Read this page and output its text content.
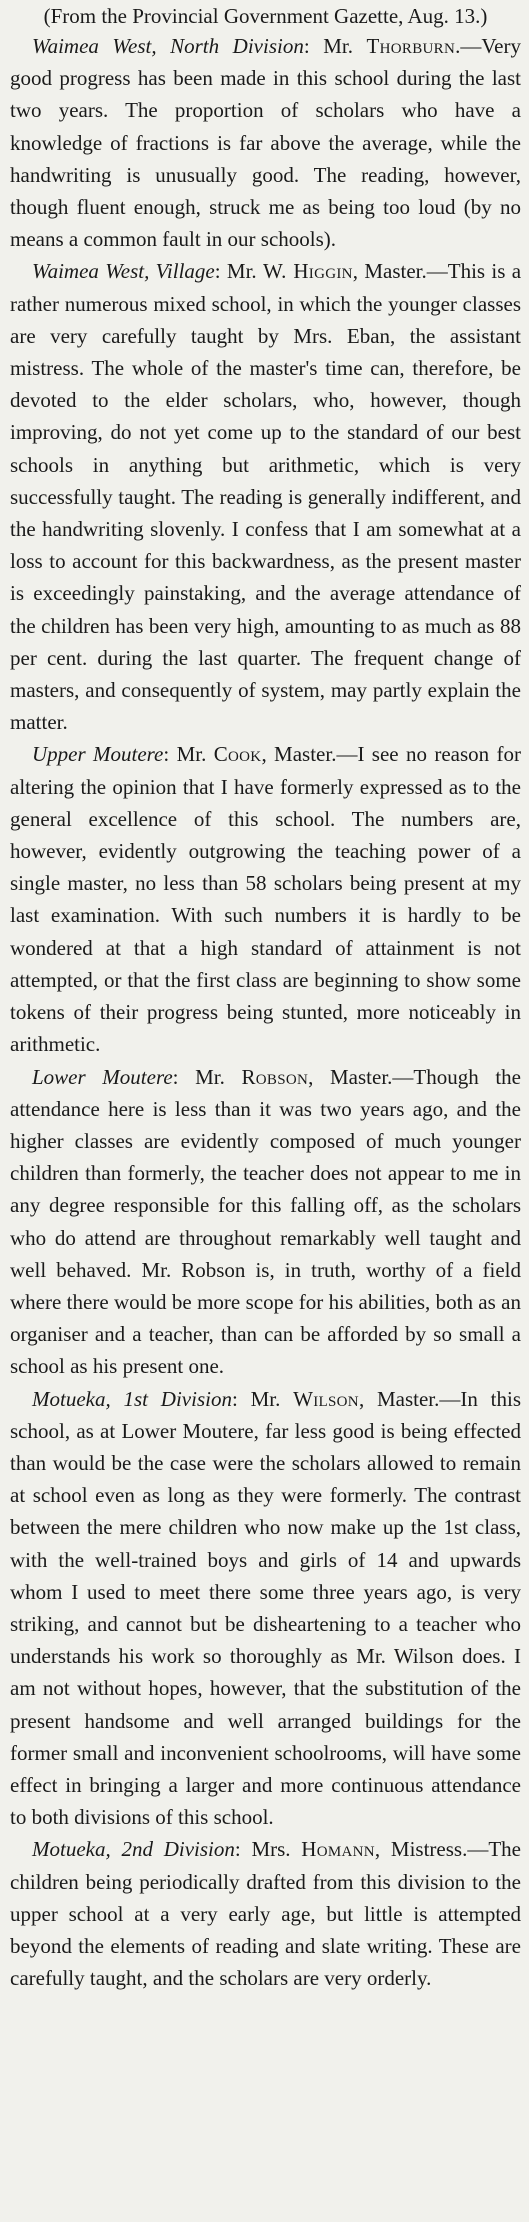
(From the Provincial Government Gazette, Aug. 13.)

Waimea West, North Division: Mr. Thorburn.—Very good progress has been made in this school during the last two years. The proportion of scholars who have a knowledge of fractions is far above the average, while the handwriting is unusually good. The reading, however, though fluent enough, struck me as being too loud (by no means a common fault in our schools).

Waimea West, Village: Mr. W. Higgin, Master.—This is a rather numerous mixed school, in which the younger classes are very carefully taught by Mrs. Eban, the assistant mistress. The whole of the master's time can, therefore, be devoted to the elder scholars, who, however, though improving, do not yet come up to the standard of our best schools in anything but arithmetic, which is very successfully taught. The reading is generally indifferent, and the handwriting slovenly. I confess that I am somewhat at a loss to account for this backwardness, as the present master is exceedingly painstaking, and the average attendance of the children has been very high, amounting to as much as 88 per cent. during the last quarter. The frequent change of masters, and consequently of system, may partly explain the matter.

Upper Moutere: Mr. Cook, Master.—I see no reason for altering the opinion that I have formerly expressed as to the general excellence of this school. The numbers are, however, evidently outgrowing the teaching power of a single master, no less than 58 scholars being present at my last examination. With such numbers it is hardly to be wondered at that a high standard of attainment is not attempted, or that the first class are beginning to show some tokens of their progress being stunted, more noticeably in arithmetic.

Lower Moutere: Mr. Robson, Master.—Though the attendance here is less than it was two years ago, and the higher classes are evidently composed of much younger children than formerly, the teacher does not appear to me in any degree responsible for this falling off, as the scholars who do attend are throughout remarkably well taught and well behaved. Mr. Robson is, in truth, worthy of a field where there would be more scope for his abilities, both as an organiser and a teacher, than can be afforded by so small a school as his present one.

Motueka, 1st Division: Mr. Wilson, Master.—In this school, as at Lower Moutere, far less good is being effected than would be the case were the scholars allowed to remain at school even as long as they were formerly. The contrast between the mere children who now make up the 1st class, with the well-trained boys and girls of 14 and upwards whom I used to meet there some three years ago, is very striking, and cannot but be disheartening to a teacher who understands his work so thoroughly as Mr. Wilson does. I am not without hopes, however, that the substitution of the present handsome and well arranged buildings for the former small and inconvenient schoolrooms, will have some effect in bringing a larger and more continuous attendance to both divisions of this school.

Motueka, 2nd Division: Mrs. Homann, Mistress.—The children being periodically drafted from this division to the upper school at a very early age, but little is attempted beyond the elements of reading and slate writing. These are carefully taught, and the scholars are very orderly.
